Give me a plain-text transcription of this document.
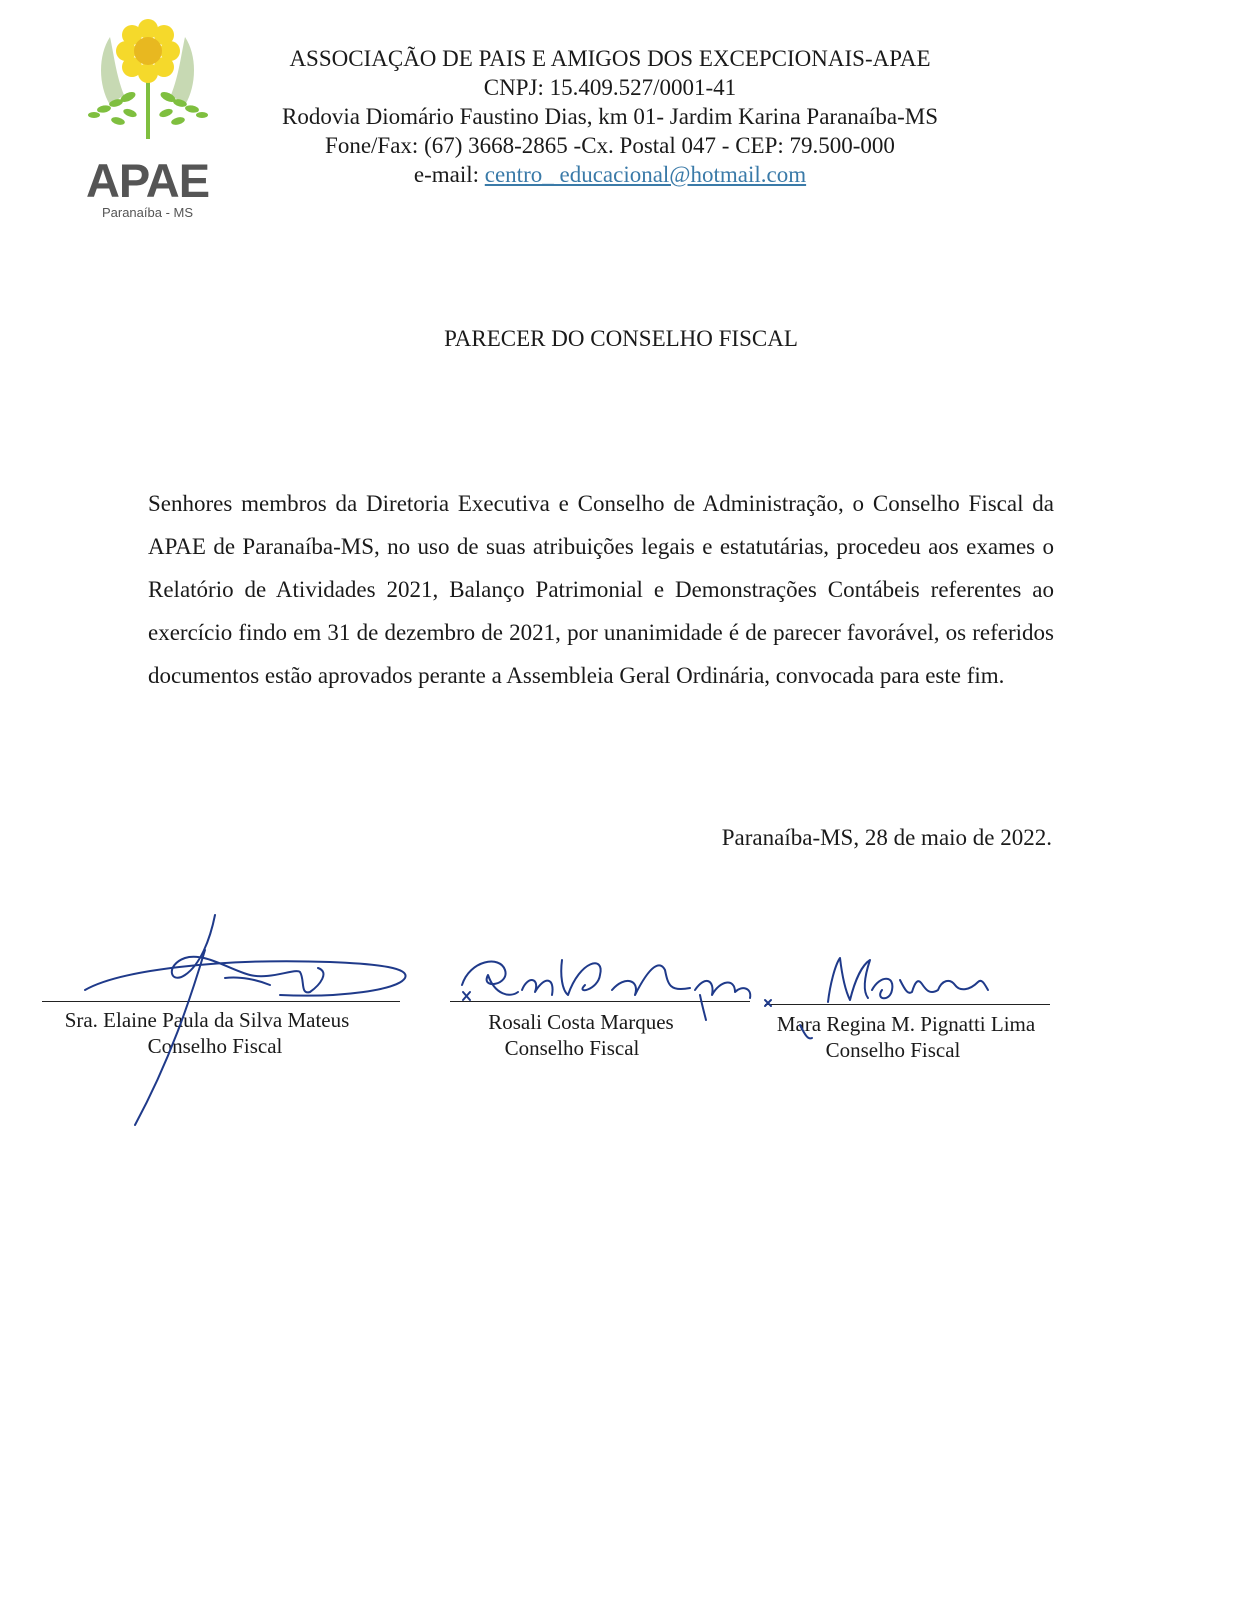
APAE
Paranaíba - MS
ASSOCIAÇÃO DE PAIS E AMIGOS DOS EXCEPCIONAIS-APAE
CNPJ: 15.409.527/0001-41
Rodovia Diomário Faustino Dias, km 01- Jardim Karina Paranaíba-MS
Fone/Fax: (67) 3668-2865 -Cx. Postal 047 - CEP: 79.500-000
e-mail: centro_ educacional@hotmail.com
PARECER DO CONSELHO FISCAL
Senhores membros da Diretoria Executiva e Conselho de Administração, o Conselho Fiscal da APAE de Paranaíba-MS, no uso de suas atribuições legais e estatutárias, procedeu aos exames o Relatório de Atividades 2021, Balanço Patrimonial e Demonstrações Contábeis referentes ao exercício findo em 31 de dezembro de 2021, por unanimidade é de parecer favorável, os referidos documentos estão aprovados perante a Assembleia Geral Ordinária, convocada para este fim.
Paranaíba-MS, 28 de maio de 2022.
Sra. Elaine Paula da Silva Mateus
Conselho Fiscal
Rosali Costa Marques
Conselho Fiscal
Mara Regina M. Pignatti Lima
Conselho Fiscal
